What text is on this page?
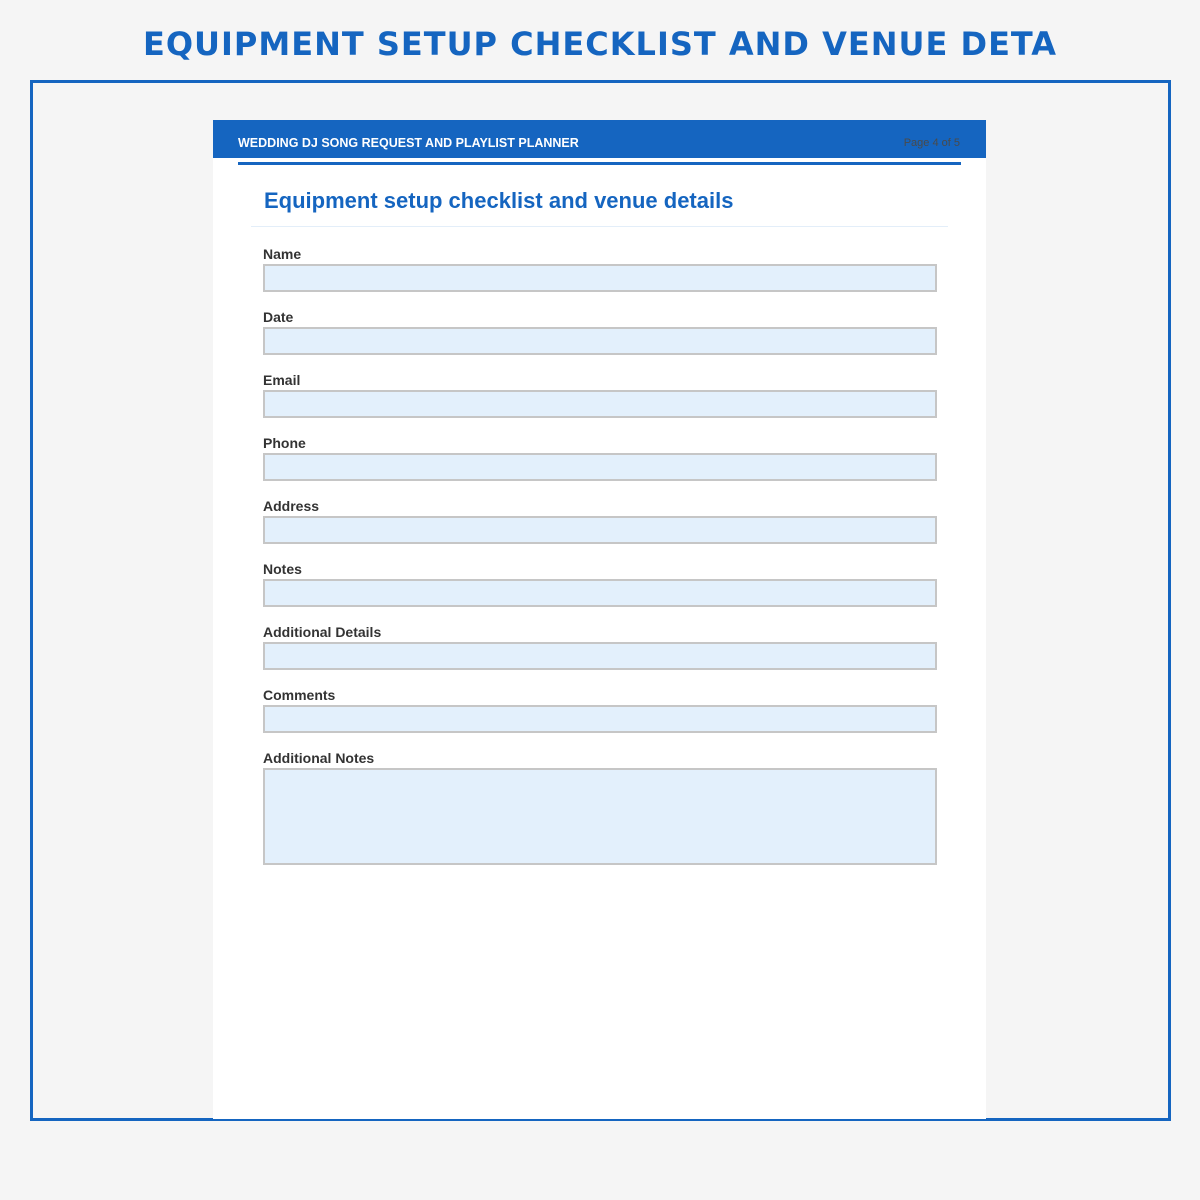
EQUIPMENT SETUP CHECKLIST AND VENUE DETA
WEDDING DJ SONG REQUEST AND PLAYLIST PLANNER	Page 4 of 5
Equipment setup checklist and venue details
Name
Date
Email
Phone
Address
Notes
Additional Details
Comments
Additional Notes
